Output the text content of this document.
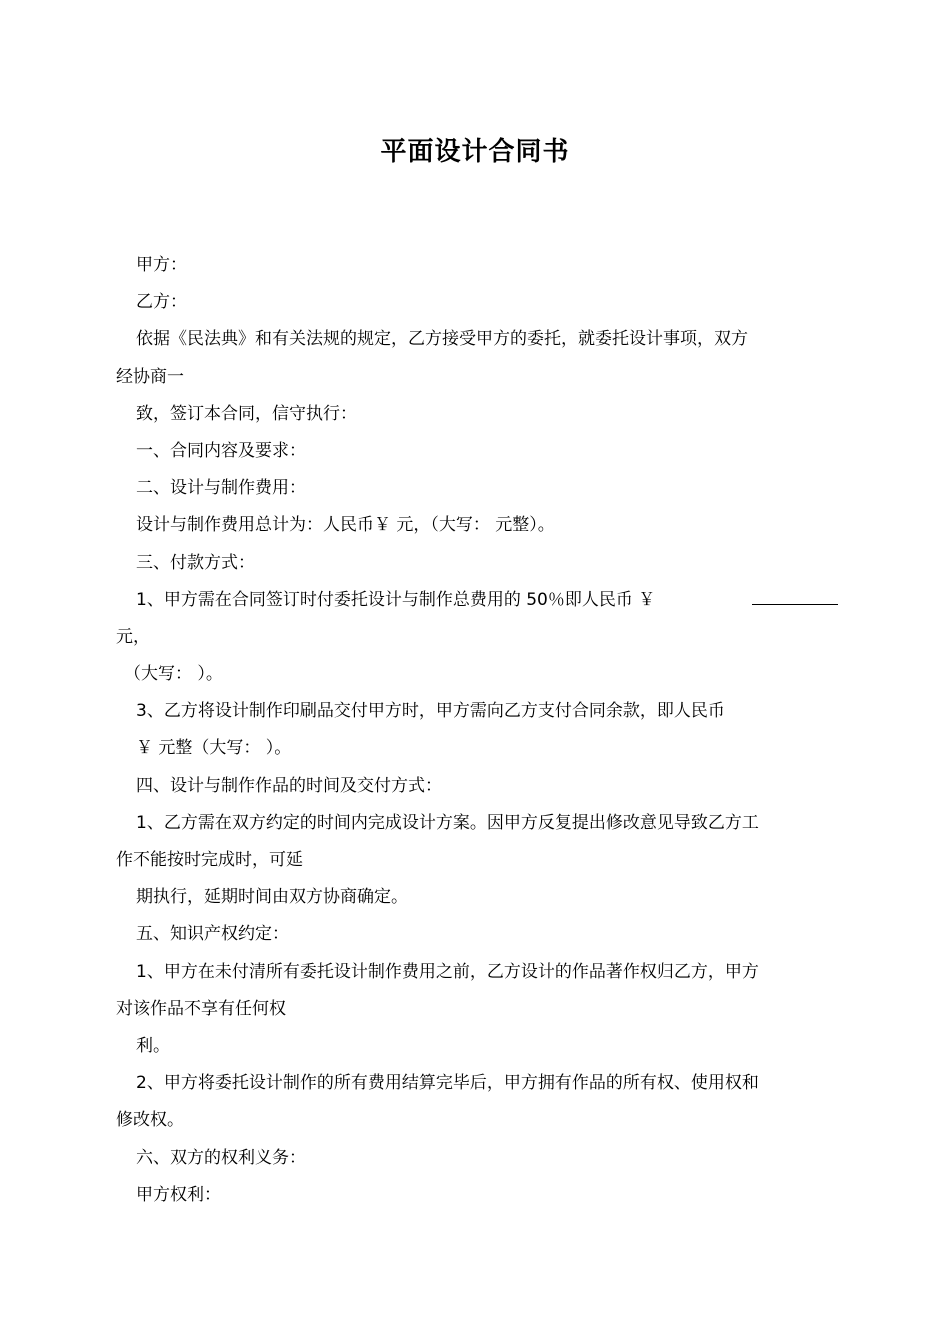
平面设计合同书
甲方：
乙方：
依据《民法典》和有关法规的规定，乙方接受甲方的委托，就委托设计事项，双方
经协商一
致，签订本合同，信守执行：
一、合同内容及要求：
二、设计与制作费用：
设计与制作费用总计为：人民币￥ 元，（大写： 元整）。
三、付款方式：
1、甲方需在合同签订时付委托设计与制作总费用的 50％即人民币 ￥
元，
（大写： ）。
3、乙方将设计制作印刷品交付甲方时，甲方需向乙方支付合同余款，即人民币
￥ 元整（大写： ）。
四、设计与制作作品的时间及交付方式：
1、乙方需在双方约定的时间内完成设计方案。因甲方反复提出修改意见导致乙方工
作不能按时完成时，可延
期执行，延期时间由双方协商确定。
五、知识产权约定：
1、甲方在未付清所有委托设计制作费用之前，乙方设计的作品著作权归乙方，甲方
对该作品不享有任何权
利。
2、甲方将委托设计制作的所有费用结算完毕后，甲方拥有作品的所有权、使用权和
修改权。
六、双方的权利义务：
甲方权利：
